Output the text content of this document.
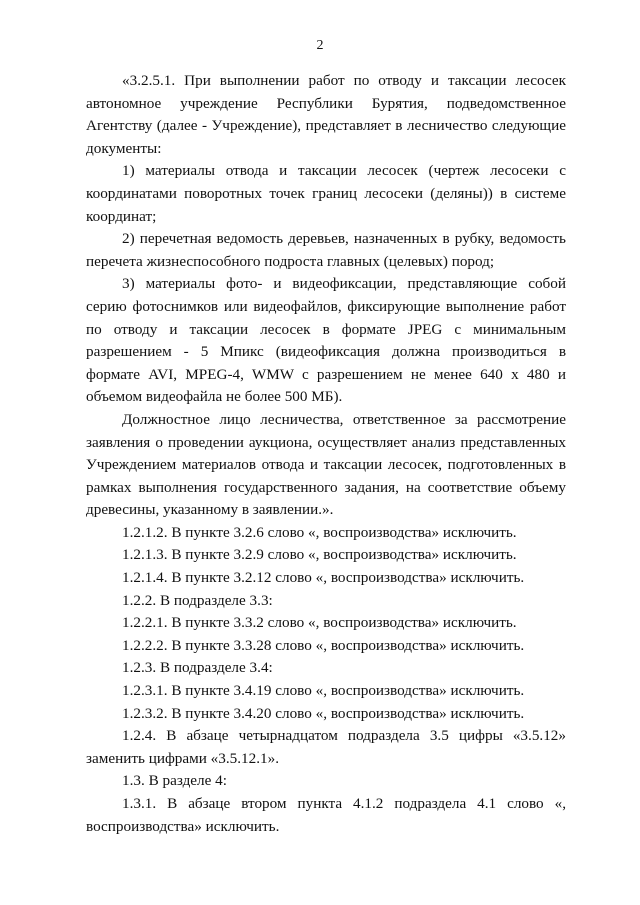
2

«3.2.5.1. При выполнении работ по отводу и таксации лесосек автономное учреждение Республики Бурятия, подведомственное Агентству (далее - Учреждение), представляет в лесничество следующие документы:

1) материалы отвода и таксации лесосек (чертеж лесосеки с координатами поворотных точек границ лесосеки (деляны)) в системе координат;

2) перечетная ведомость деревьев, назначенных в рубку, ведомость перечета жизнеспособного подроста главных (целевых) пород;

3) материалы фото- и видеофиксации, представляющие собой серию фотоснимков или видеофайлов, фиксирующие выполнение работ по отводу и таксации лесосек в формате JPEG с минимальным разрешением - 5 Мпикс (видеофиксация должна производиться в формате AVI, MPEG-4, WMW с разрешением не менее 640 х 480 и объемом видеофайла не более 500 МБ).

Должностное лицо лесничества, ответственное за рассмотрение заявления о проведении аукциона, осуществляет анализ представленных Учреждением материалов отвода и таксации лесосек, подготовленных в рамках выполнения государственного задания, на соответствие объему древесины, указанному в заявлении.».

1.2.1.2. В пункте 3.2.6 слово «, воспроизводства» исключить.

1.2.1.3. В пункте 3.2.9 слово «, воспроизводства» исключить.

1.2.1.4. В пункте 3.2.12 слово «, воспроизводства» исключить.

1.2.2. В подразделе 3.3:

1.2.2.1. В пункте 3.3.2 слово «, воспроизводства» исключить.

1.2.2.2. В пункте 3.3.28 слово «, воспроизводства» исключить.

1.2.3. В подразделе 3.4:

1.2.3.1. В пункте 3.4.19 слово «, воспроизводства» исключить.

1.2.3.2. В пункте 3.4.20 слово «, воспроизводства» исключить.

1.2.4. В абзаце четырнадцатом подраздела 3.5 цифры «3.5.12» заменить цифрами «3.5.12.1».

1.3. В разделе 4:

1.3.1. В абзаце втором пункта 4.1.2 подраздела 4.1 слово «, воспроизводства» исключить.
